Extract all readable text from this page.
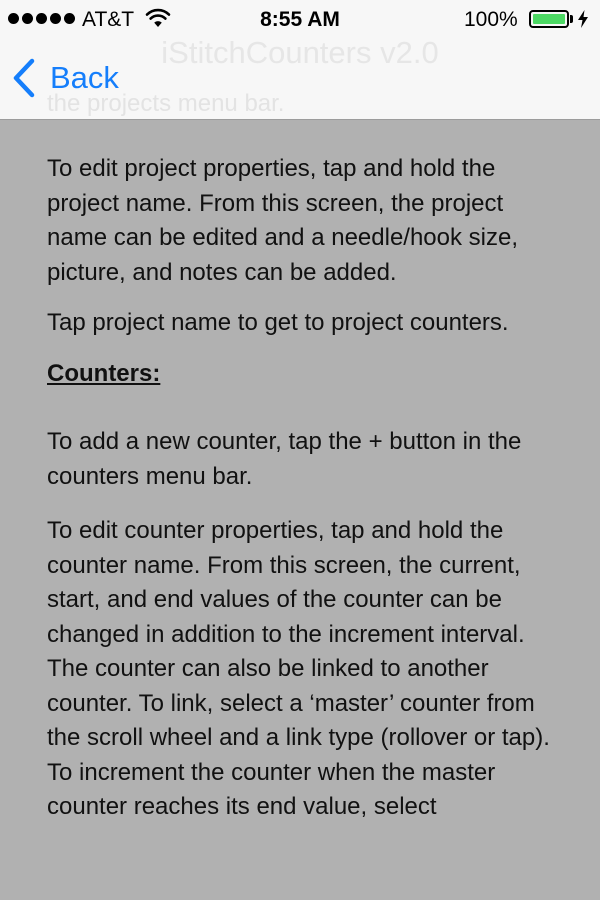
AT&T	8:55 AM	100%
iStitchCounters v2.0
the projects menu bar.
Back

To edit project properties, tap and hold the project name. From this screen, the project name can be edited and a needle/hook size, picture, and notes can be added.

Tap project name to get to project counters.

Counters:

To add a new counter, tap the + button in the counters menu bar.

To edit counter properties, tap and hold the counter name. From this screen, the current, start, and end values of the counter can be changed in addition to the increment interval. The counter can also be linked to another counter. To link, select a ‘master’ counter from the scroll wheel and a link type (rollover or tap). To increment the counter when the master counter reaches its end value, select
